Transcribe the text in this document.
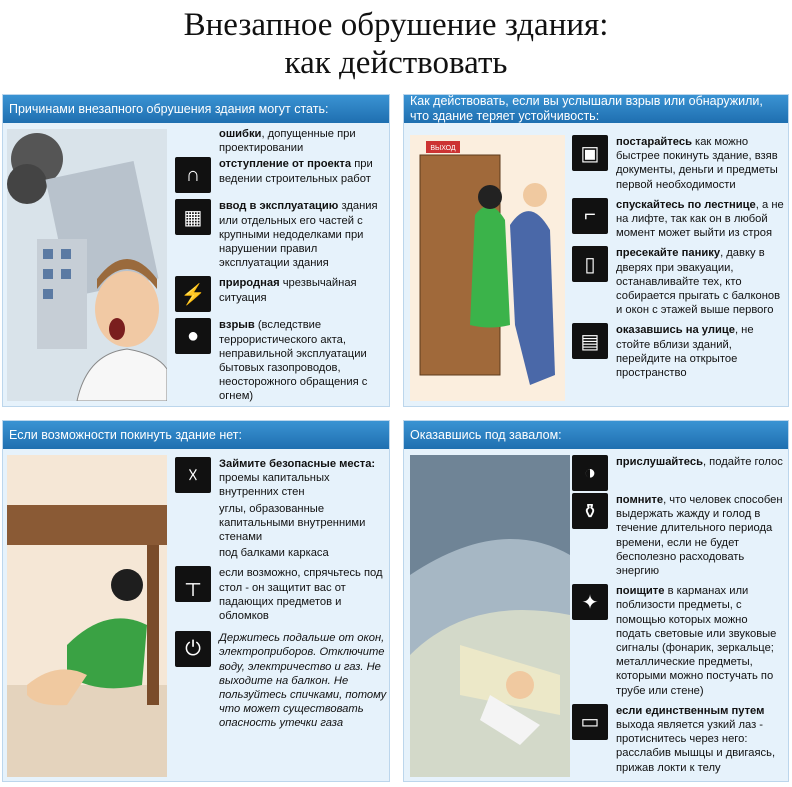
Внезапное обрушение здания:
как действовать
Причинами внезапного обрушения здания могут стать:
ошибки, допущенные при проектировании
∩	отступление от проекта при ведении строительных работ
▦
ввод в эксплуатацию здания или отдельных его частей с крупными недоделками при нарушении правил эксплуатации здания
⚡
природная чрезвычайная ситуация
●	взрыв (вследствие террористического акта, неправильной эксплуатации бытовых газопроводов, неосторожного обращения с огнем)
Как действовать, если вы услышали взрыв или обнаружили, что здание теряет устойчивость:
ВЫХОД	▣
постарайтесь как можно быстрее покинуть здание, взяв документы, деньги и предметы первой необходимости
⌐	спускайтесь по лестнице, а не на лифте, так как он в любой момент может выйти из строя
▯
пресекайте панику, давку в дверях при эвакуации, останавливайте тех, кто собирается прыгать с балконов и окон с этажей выше первого
▤
оказавшись на улице, не стойте вблизи зданий, перейдите на открытое пространство
Если возможности покинуть здание нет:
☓
Займите безопасные места:
проемы капитальных внутренних стен
углы, образованные капитальными внутренними стенами
под балками каркаса
┬	если возможно, спрячьтесь под стол - он защитит вас от падающих предметов и обломков
⏻	Держитесь подальше от окон, электроприборов. Отключите воду, электричество и газ. Не выходите на балкон. Не пользуйтесь спичками, потому что может существовать опасность утечки газа
Оказавшись под завалом:
◑	прислушайтесь, подайте голос
⚱
помните, что человек способен выдержать жажду и голод в течение длительного периода времени, если не будет бесполезно расходовать энергию
✦
поищите в карманах или поблизости предметы, с помощью которых можно подать световые или звуковые сигналы (фонарик, зеркальце; металлические предметы, которыми можно постучать по трубе или стене)
▭
если единственным путем выхода является узкий лаз - протиснитесь через него: расслабив мышцы и двигаясь, прижав локти к телу
